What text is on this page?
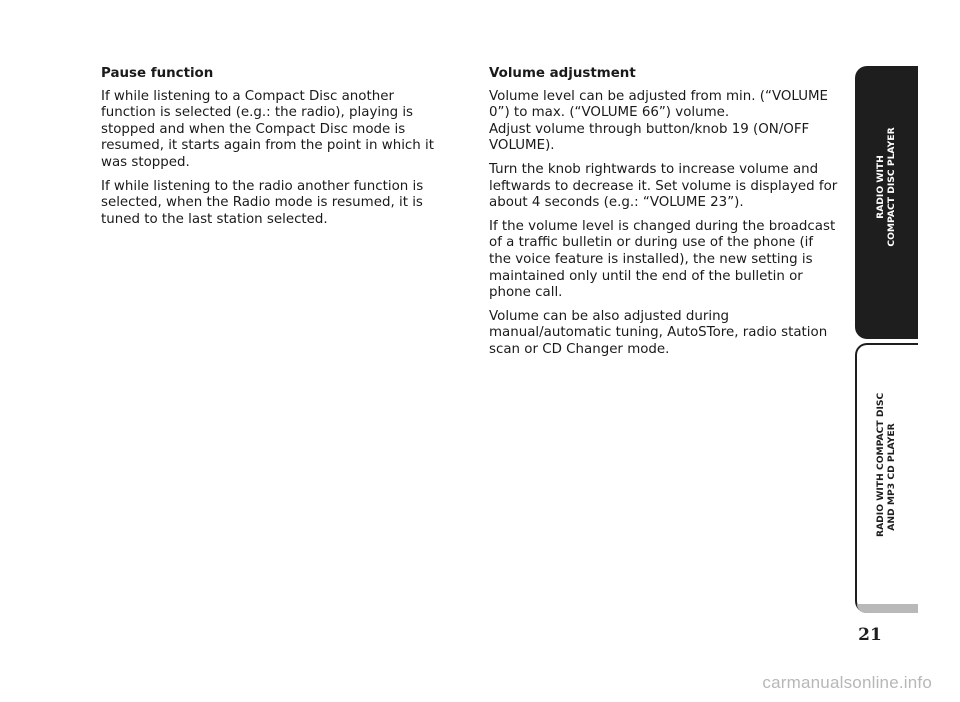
Pause function

If while listening to a Compact Disc another function is selected (e.g.: the radio), playing is stopped and when the Compact Disc mode is resumed, it starts again from the point in which it was stopped.

If while listening to the radio another function is selected, when the Radio mode is resumed, it is tuned to the last station selected.

Volume adjustment

Volume level can be adjusted from min. (“VOLUME 0”) to max. (“VOLUME 66”) volume.

Adjust volume through button/knob 19 (ON/OFF VOLUME).

Turn the knob rightwards to increase volume and leftwards to decrease it. Set volume is displayed for about 4 seconds (e.g.: “VOLUME 23”).

If the volume level is changed during the broadcast of a traffic bulletin or during use of the phone (if the voice feature is installed), the new setting is maintained only until the end of the bulletin or phone call.

Volume can be also adjusted during manual/automatic tuning, AutoSTore, radio station scan or CD Changer mode.

RADIO WITH COMPACT DISC PLAYER
RADIO WITH COMPACT DISC AND MP3 CD PLAYER
21
carmanualsonline.info
